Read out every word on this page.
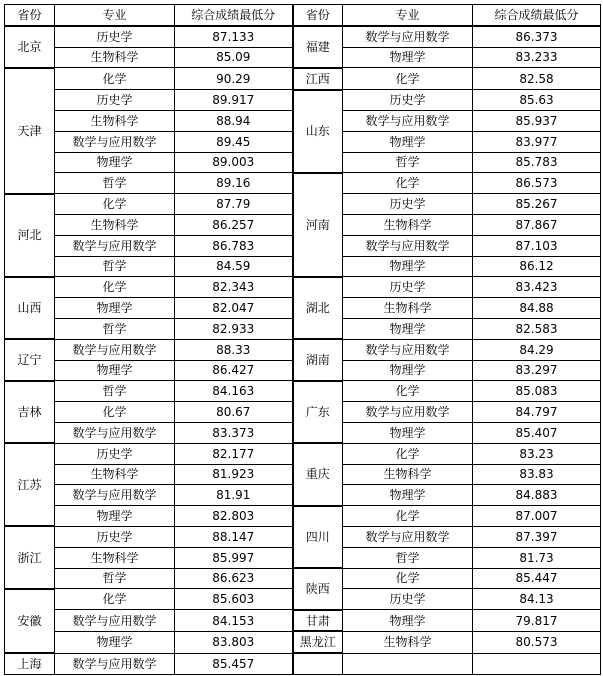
省份	专业	综合成绩最低分	省份	专业	综合成绩最低分
北京	历史学	87.133	福建	数学与应用数学	86.373
	生物科学	85.09		物理学	83.233
天津	化学	90.29	江西	化学	82.58
	历史学	89.917	山东	历史学	85.63
	生物科学	88.94		数学与应用数学	85.937
	数学与应用数学	89.45		物理学	83.977
	物理学	89.003		哲学	85.783
	哲学	89.16	河南	化学	86.573
河北	化学	87.79		历史学	85.267
	生物科学	86.257		生物科学	87.867
	数学与应用数学	86.783		数学与应用数学	87.103
	哲学	84.59		物理学	86.12
山西	化学	82.343	湖北	历史学	83.423
	物理学	82.047		生物科学	84.88
	哲学	82.933		物理学	82.583
辽宁	数学与应用数学	88.33	湖南	数学与应用数学	84.29
	物理学	86.427		物理学	83.297
吉林	哲学	84.163	广东	化学	85.083
	化学	80.67		数学与应用数学	84.797
	数学与应用数学	83.373		物理学	85.407
江苏	历史学	82.177	重庆	化学	83.23
	生物科学	81.923		生物科学	83.83
	数学与应用数学	81.91		物理学	84.883
	物理学	82.803	四川	化学	87.007
浙江	历史学	88.147		数学与应用数学	87.397
	生物科学	85.997		哲学	81.73
	哲学	86.623	陕西	化学	85.447
安徽	化学	85.603		历史学	84.13
	数学与应用数学	84.153	甘肃	物理学	79.817
	物理学	83.803	黑龙江	生物科学	80.573
上海	数学与应用数学	85.457			
